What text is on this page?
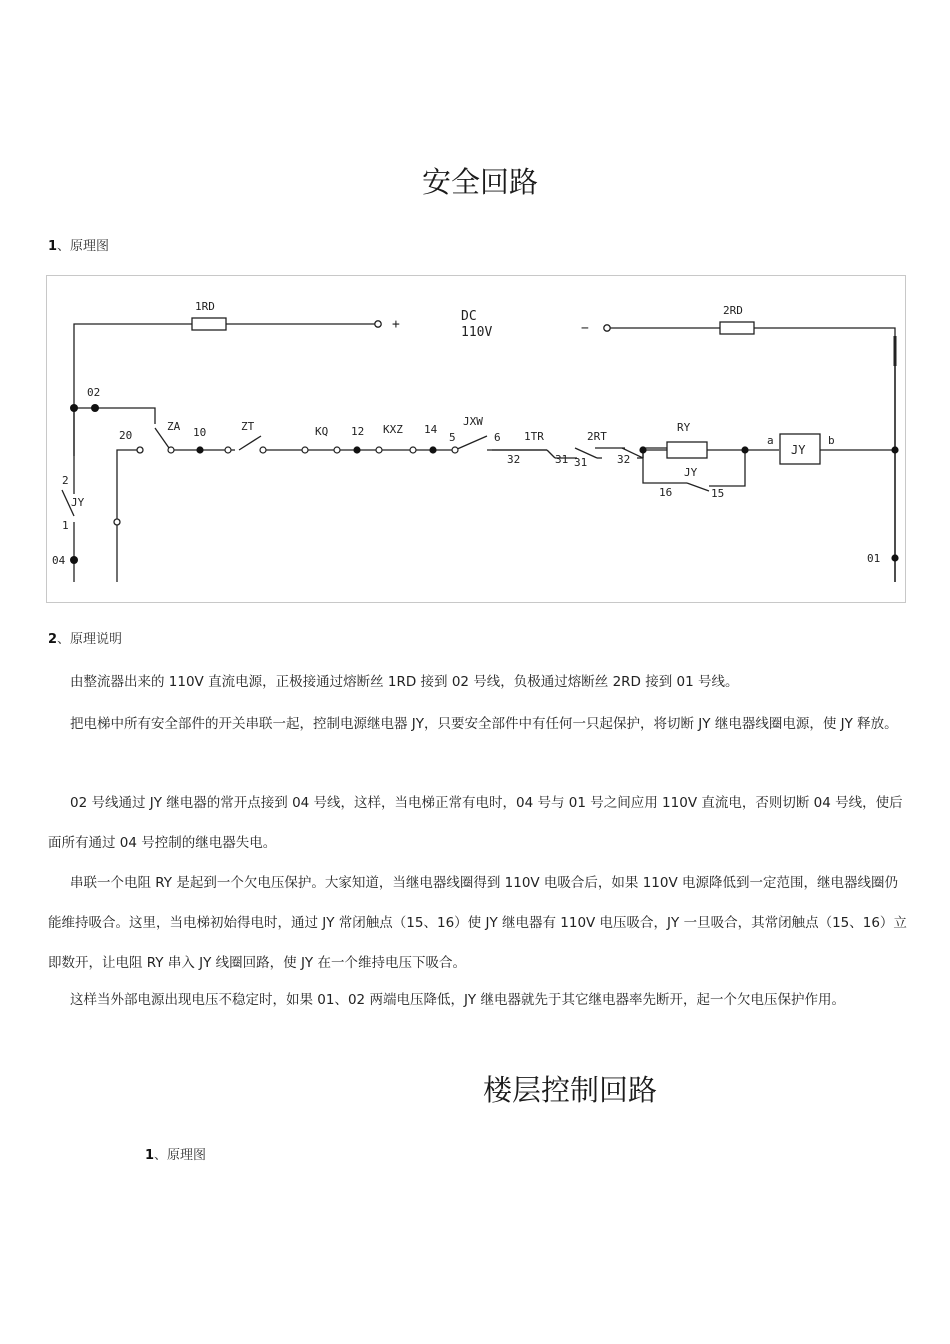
安全回路
1、原理图
1RD
+
DC
110V	−
2RD
02
20
2
JY
1
04
ZA 10	ZT	KQ 12 KXZ 14
JXW
5	6 1TR	2RT
32	31 31	32
RY
JY
16	15
a	b
JY
01
2、原理说明

由整流器出来的 110V 直流电源，正极接通过熔断丝 1RD 接到 02 号线，负极通过熔断丝 2RD 接到 01 号线。

把电梯中所有安全部件的开关串联一起，控制电源继电器 JY，只要安全部件中有任何一只起保护，将切断 JY 继电器线圈电源，使 JY 释放。

02 号线通过 JY 继电器的常开点接到 04 号线，这样，当电梯正常有电时，04 号与 01 号之间应用 110V 直流电，否则切断 04 号线，使后面所有通过 04 号控制的继电器失电。

串联一个电阻 RY 是起到一个欠电压保护。大家知道，当继电器线圈得到 110V 电吸合后，如果 110V 电源降低到一定范围，继电器线圈仍能维持吸合。这里，当电梯初始得电时，通过 JY 常闭触点（15、16）使 JY 继电器有 110V 电压吸合，JY 一旦吸合，其常闭触点（15、16）立即数开，让电阻 RY 串入 JY 线圈回路，使 JY 在一个维持电压下吸合。

这样当外部电源出现电压不稳定时，如果 01、02 两端电压降低，JY 继电器就先于其它继电器率先断开，起一个欠电压保护作用。

楼层控制回路
1、原理图
